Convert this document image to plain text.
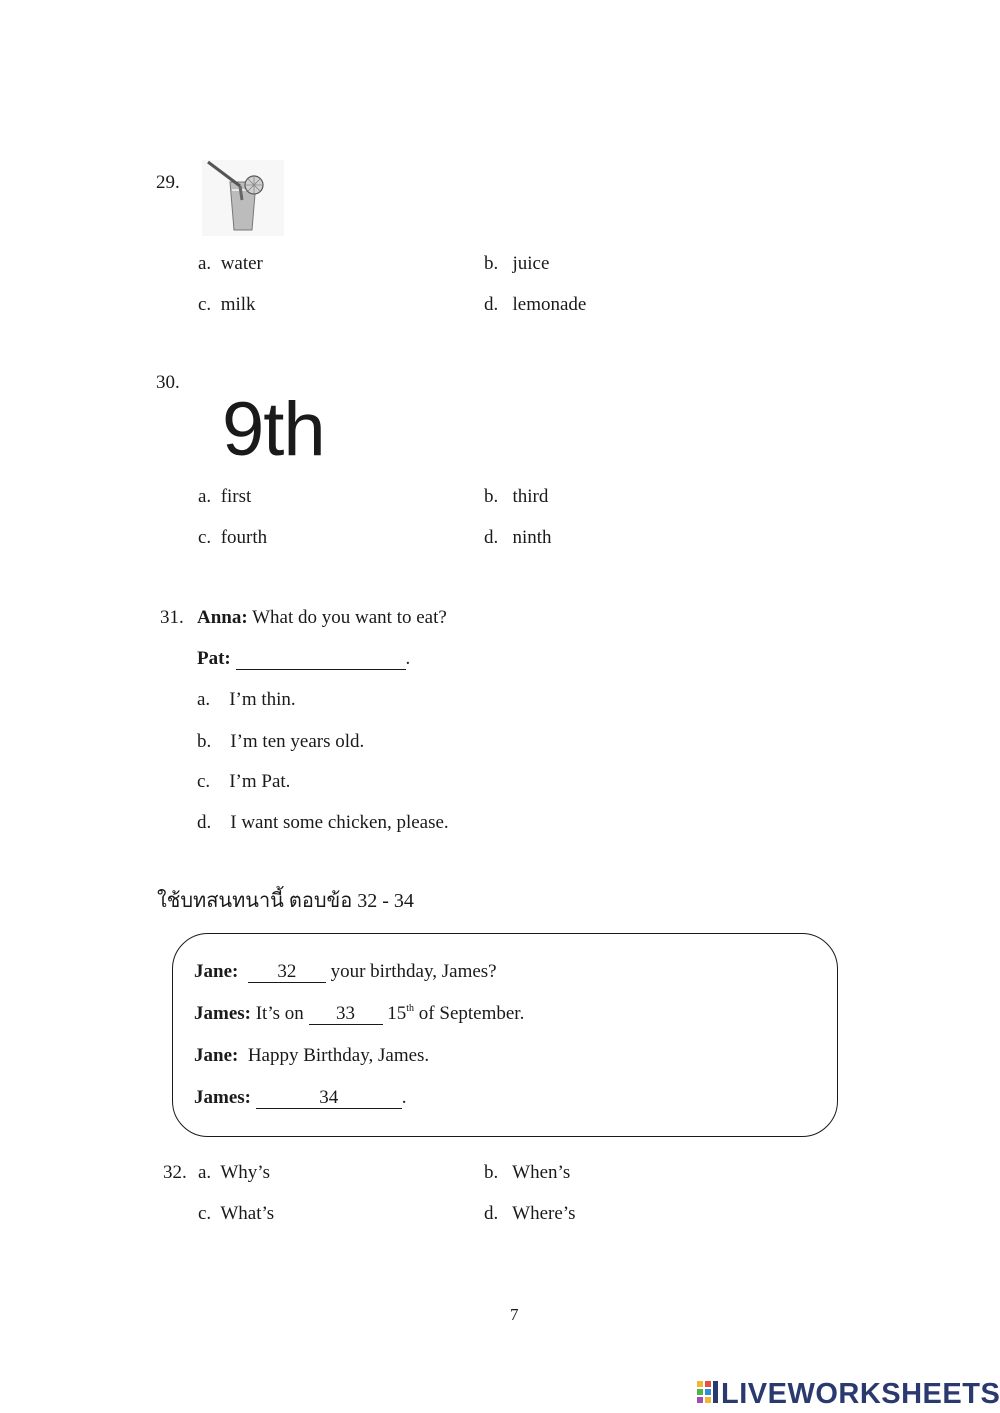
29.
a. water	b. juice
c. milk	d. lemonade
30.
9th
a. first	b. third
c. fourth	d. ninth
31. Anna: What do you want to eat?
Pat:	.
a. I’m thin.
b. I’m ten years old.
c. I’m Pat.
d. I want some chicken, please.
ใช้บทสนทนานี้ ตอบข้อ 32 - 34
Jane: 32 your birthday, James?
James: It’s on 33 15th of September.
Jane: Happy Birthday, James.
James:	34	.
32. a. Why’s	b. When’s
c. What’s	d. Where’s
7
LIVEWORKSHEETS
